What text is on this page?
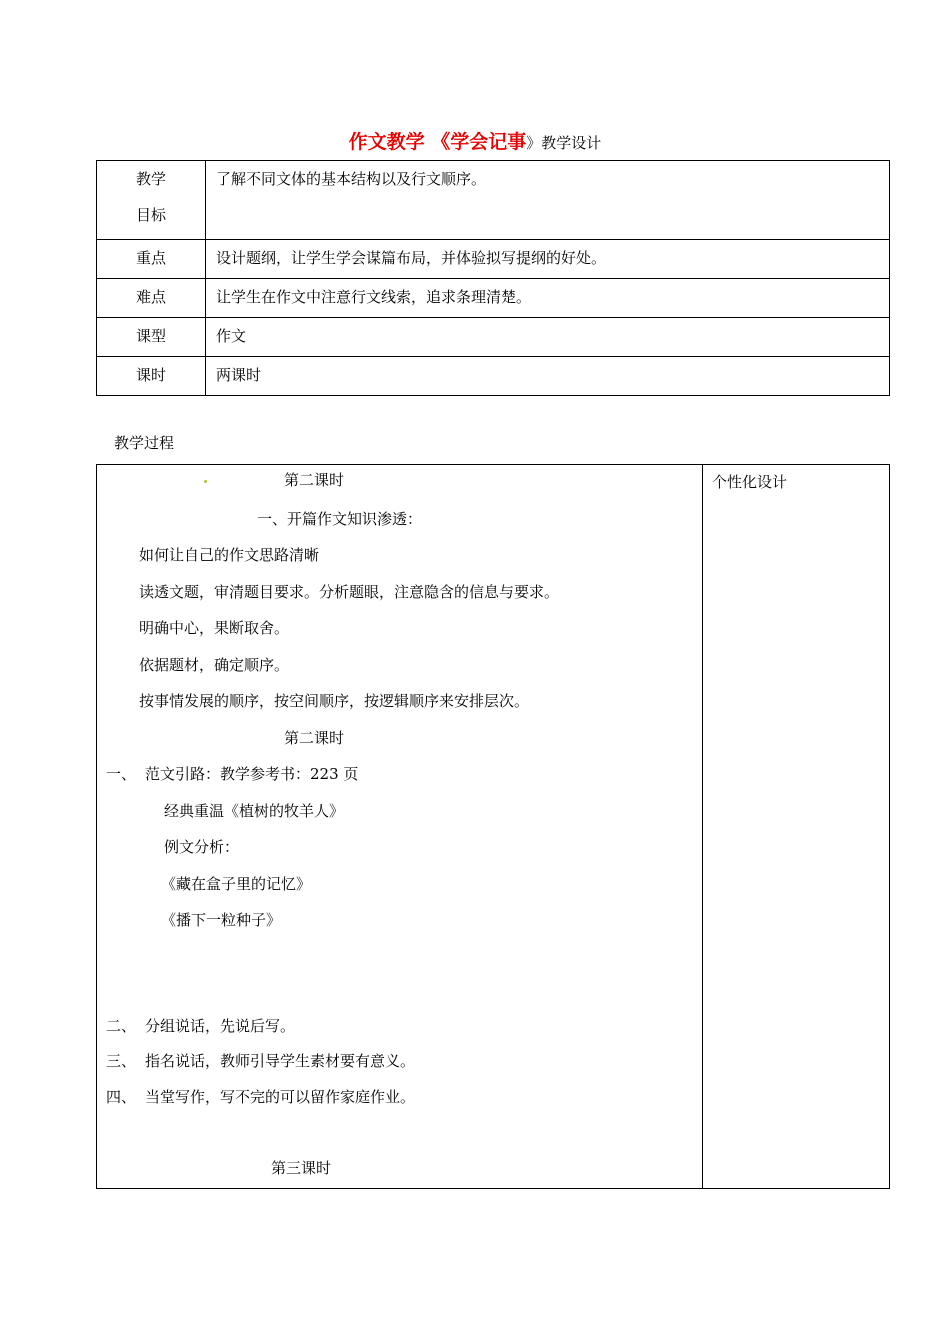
作文教学 《学会记事》教学设计
教学
目标	了解不同文体的基本结构以及行文顺序。

重点	设计题纲，让学生学会谋篇布局，并体验拟写提纲的好处。

难点	让学生在作文中注意行文线索，追求条理清楚。

课型	作文

课时	两课时
教学过程
个性化设计
第二课时
一、开篇作文知识渗透：
如何让自己的作文思路清晰
读透文题，审清题目要求。分析题眼，注意隐含的信息与要求。
明确中心，果断取舍。
依据题材，确定顺序。
按事情发展的顺序，按空间顺序，按逻辑顺序来安排层次。
第二课时
一、 范文引路：教学参考书：223 页
经典重温《植树的牧羊人》
例文分析：
《藏在盒子里的记忆》
《播下一粒种子》
二、 分组说话，先说后写。
三、 指名说话，教师引导学生素材要有意义。
四、 当堂写作，写不完的可以留作家庭作业。
第三课时
